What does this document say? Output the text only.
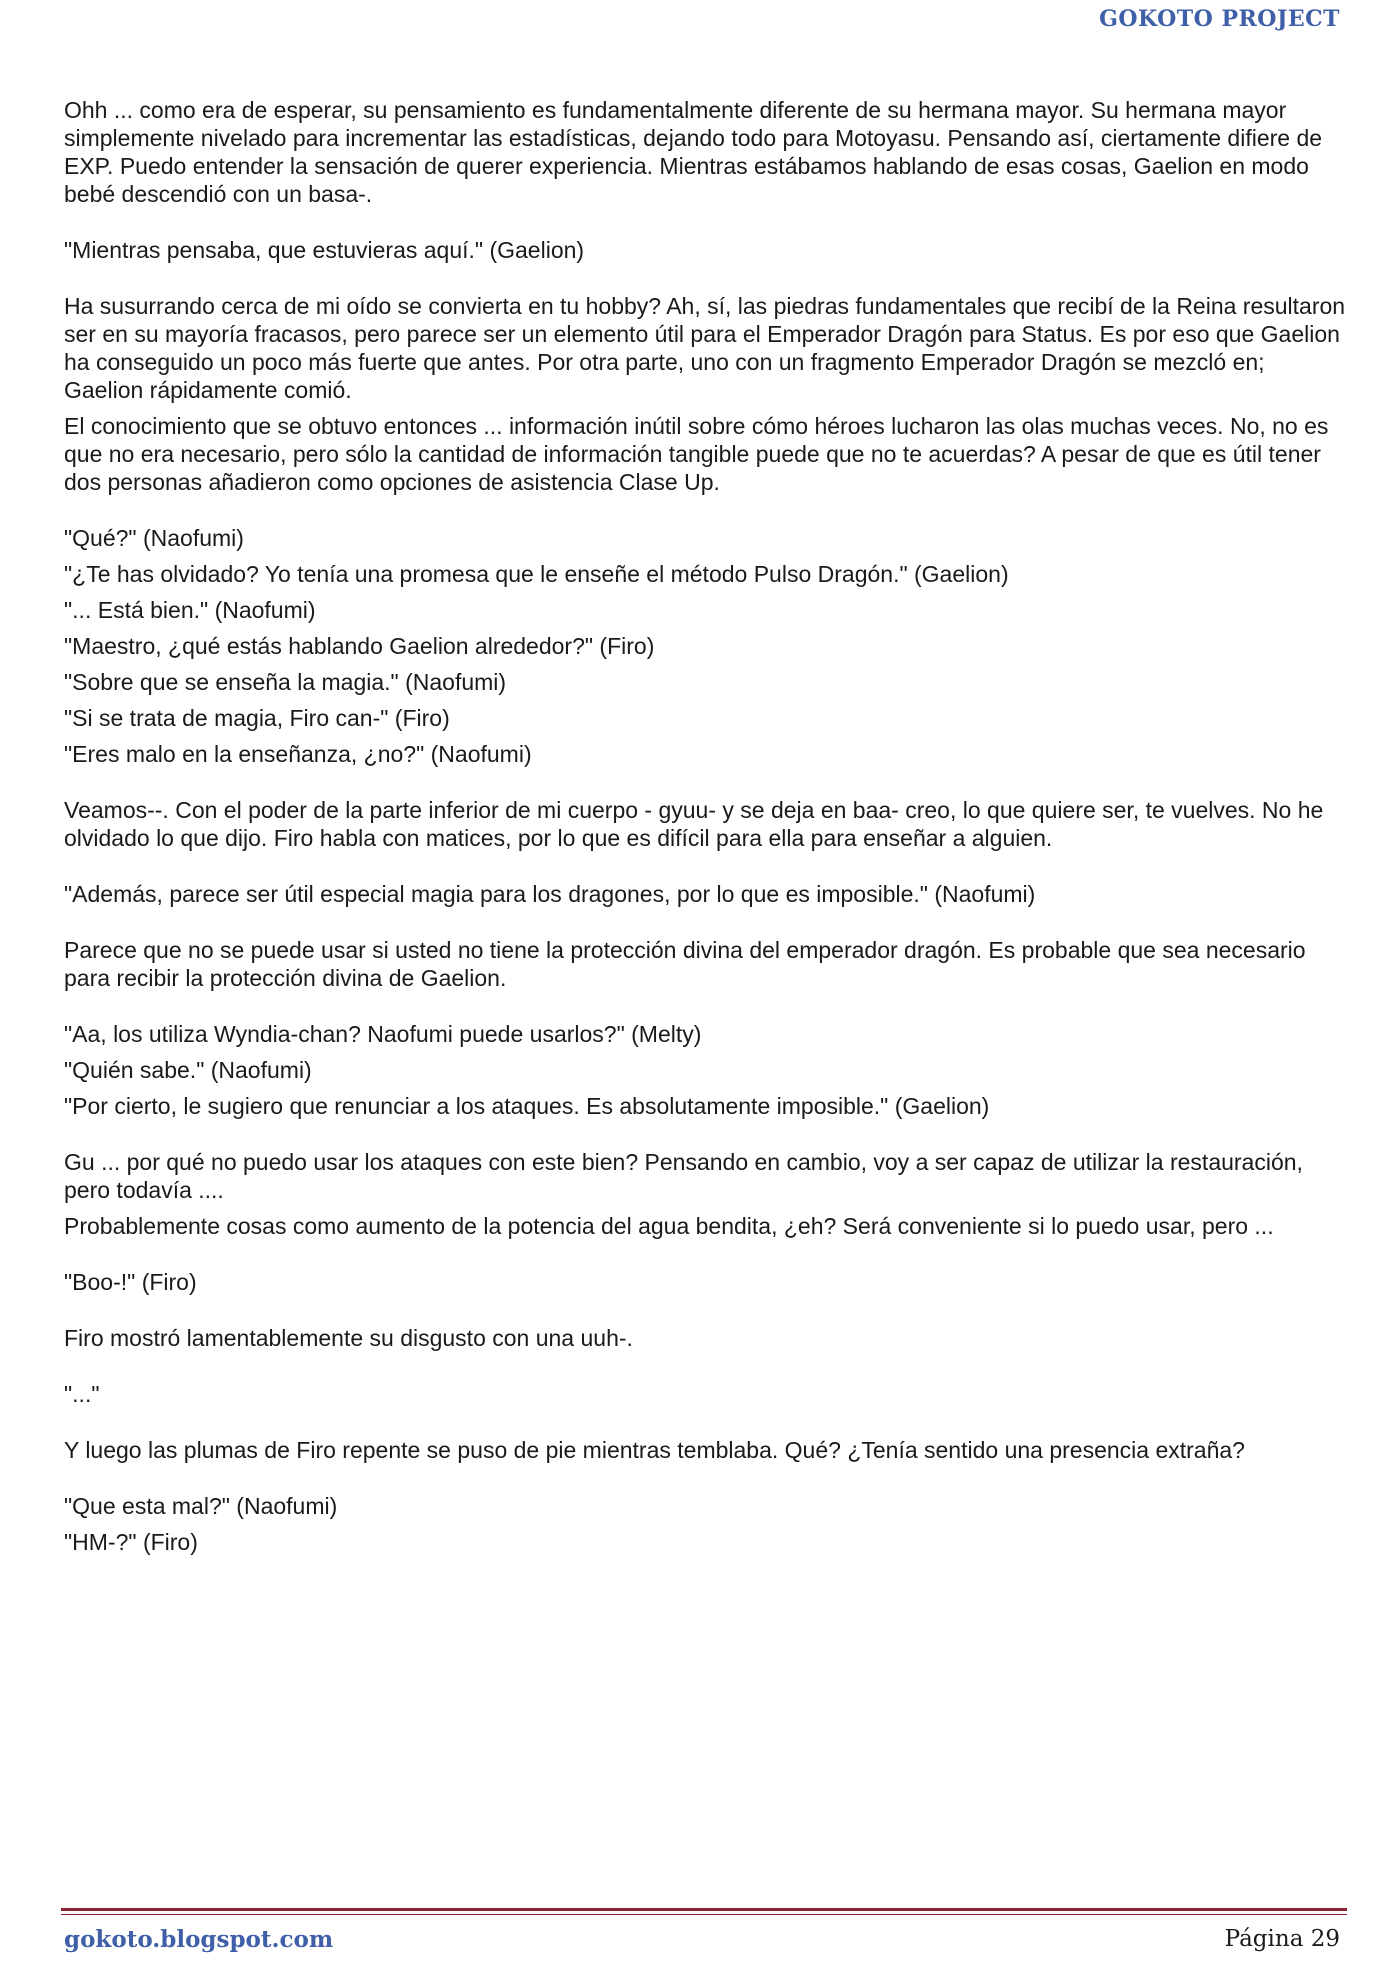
GOKOTO PROJECT

Ohh ... como era de esperar, su pensamiento es fundamentalmente diferente de su hermana mayor. Su hermana mayor simplemente nivelado para incrementar las estadísticas, dejando todo para Motoyasu. Pensando así, ciertamente difiere de EXP. Puedo entender la sensación de querer experiencia. Mientras estábamos hablando de esas cosas, Gaelion en modo bebé descendió con un basa-.

"Mientras pensaba, que estuvieras aquí." (Gaelion)

Ha susurrando cerca de mi oído se convierta en tu hobby? Ah, sí, las piedras fundamentales que recibí de la Reina resultaron ser en su mayoría fracasos, pero parece ser un elemento útil para el Emperador Dragón para Status. Es por eso que Gaelion ha conseguido un poco más fuerte que antes. Por otra parte, uno con un fragmento Emperador Dragón se mezcló en; Gaelion rápidamente comió.

El conocimiento que se obtuvo entonces ... información inútil sobre cómo héroes lucharon las olas muchas veces. No, no es que no era necesario, pero sólo la cantidad de información tangible puede que no te acuerdas? A pesar de que es útil tener dos personas añadieron como opciones de asistencia Clase Up.

"Qué?" (Naofumi)

"¿Te has olvidado? Yo tenía una promesa que le enseñe el método Pulso Dragón." (Gaelion)

"... Está bien." (Naofumi)

"Maestro, ¿qué estás hablando Gaelion alrededor?" (Firo)

"Sobre que se enseña la magia." (Naofumi)

"Si se trata de magia, Firo can-" (Firo)

"Eres malo en la enseñanza, ¿no?" (Naofumi)

Veamos--. Con el poder de la parte inferior de mi cuerpo - gyuu- y se deja en baa- creo, lo que quiere ser, te vuelves. No he olvidado lo que dijo. Firo habla con matices, por lo que es difícil para ella para enseñar a alguien.

"Además, parece ser útil especial magia para los dragones, por lo que es imposible." (Naofumi)

Parece que no se puede usar si usted no tiene la protección divina del emperador dragón. Es probable que sea necesario para recibir la protección divina de Gaelion.

"Aa, los utiliza Wyndia-chan? Naofumi puede usarlos?" (Melty)

"Quién sabe." (Naofumi)

"Por cierto, le sugiero que renunciar a los ataques. Es absolutamente imposible." (Gaelion)

Gu ... por qué no puedo usar los ataques con este bien? Pensando en cambio, voy a ser capaz de utilizar la restauración, pero todavía ....

Probablemente cosas como aumento de la potencia del agua bendita, ¿eh? Será conveniente si lo puedo usar, pero ...

"Boo-!" (Firo)

Firo mostró lamentablemente su disgusto con una uuh-.

"..."

Y luego las plumas de Firo repente se puso de pie mientras temblaba. Qué? ¿Tenía sentido una presencia extraña?

"Que esta mal?" (Naofumi)

"HM-?" (Firo)

gokoto.blogspot.com	Página 29
